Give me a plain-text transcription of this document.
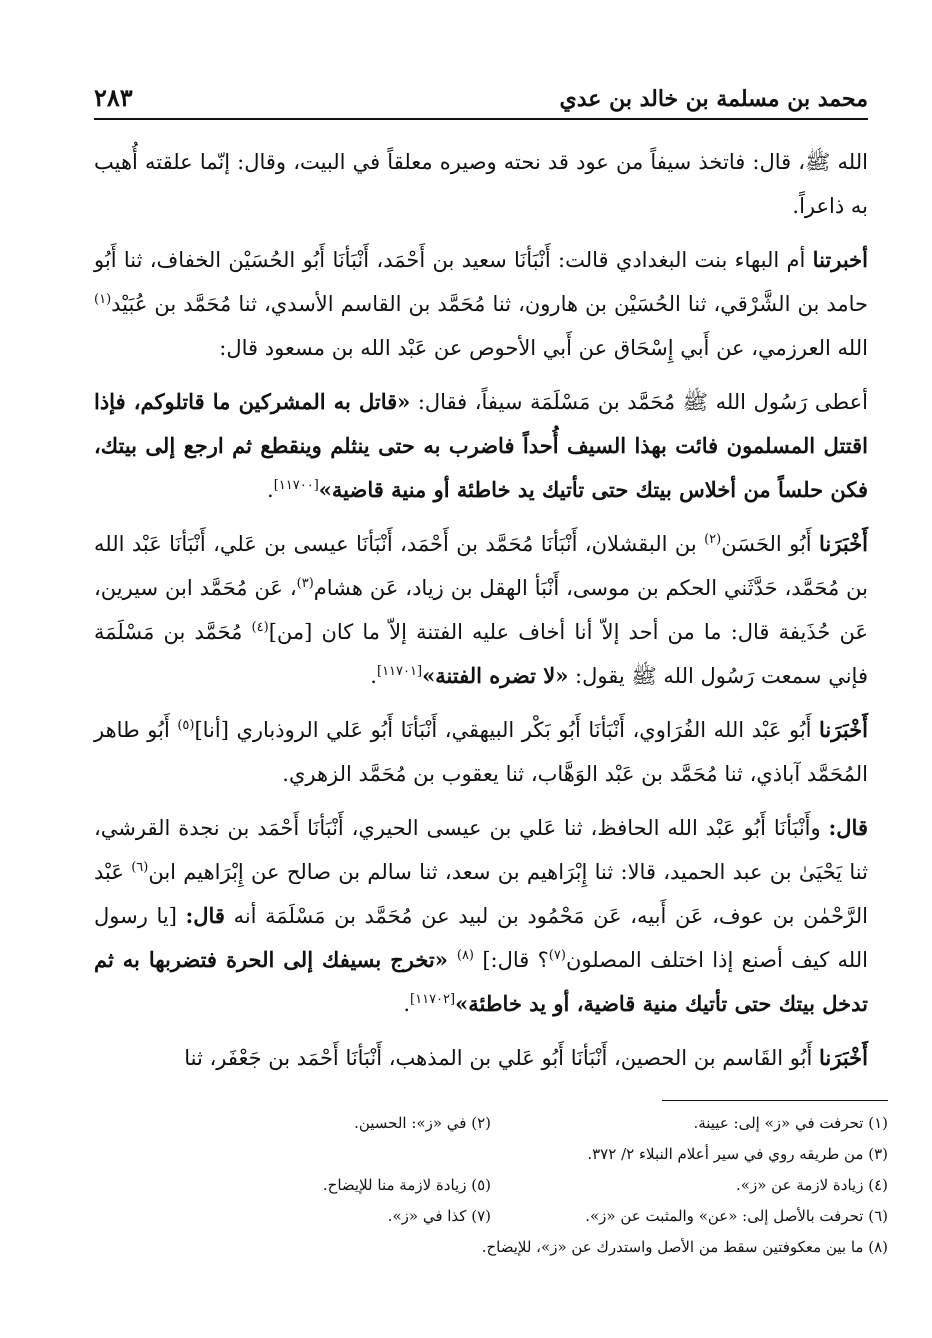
محمد بن مسلمة بن خالد بن عدي
٢٨٣

الله ﷺ، قال: فاتخذ سيفاً من عود قد نحته وصيره معلقاً في البيت، وقال: إنّما علقته أُهيب به ذاعراً.

أخبرتنا أم البهاء بنت البغدادي قالت: أَنْبَأنَا سعيد بن أَحْمَد، أَنْبَأنَا أَبُو الحُسَيْن الخفاف، ثنا أَبُو حامد بن الشَّرْقي، ثنا الحُسَيْن بن هارون، ثنا مُحَمَّد بن القاسم الأسدي، ثنا مُحَمَّد بن عُبَيْد$^{(١)}$ الله العرزمي، عن أَبي إِسْحَاق عن أَبي الأحوص عن عَبْد الله بن مسعود قال:

أعطى رَسُول الله ﷺ مُحَمَّد بن مَسْلَمَة سيفاً، فقال: «قاتل به المشركين ما قاتلوكم، فإذا اقتتل المسلمون فائت بهذا السيف أُحداً فاضرب به حتى ينثلم وينقطع ثم ارجع إلى بيتك، فكن حلساً من أخلاس بيتك حتى تأتيك يد خاطئة أو منية قاضية»[١١٧٠٠].

أَخْبَرَنا أَبُو الحَسَن$^{(٢)}$ بن البقشلان، أَنْبَأنَا مُحَمَّد بن أَحْمَد، أَنْبَأنَا عيسى بن عَلي، أَنْبَأنَا عَبْد الله بن مُحَمَّد، حَدَّثَني الحكم بن موسى، أَنْبَأ الهقل بن زياد، عَن هشام$^{(٣)}$، عَن مُحَمَّد ابن سيرين، عَن حُذَيفة قال: ما من أحد إلاّ أنا أخاف عليه الفتنة إلاّ ما كان [من]$^{(٤)}$ مُحَمَّد بن مَسْلَمَة فإني سمعت رَسُول الله ﷺ يقول: «لا تضره الفتنة»[١١٧٠١].

أَخْبَرَنا أَبُو عَبْد الله الفُرَاوي، أَنْبَأنَا أَبُو بَكْر البيهقي، أَنْبَأنَا أَبُو عَلي الروذباري [أنا]$^{(٥)}$ أَبُو طاهر المُحَمَّد آباذي، ثنا مُحَمَّد بن عَبْد الوَهَّاب، ثنا يعقوب بن مُحَمَّد الزهري.

قال: وأَنْبَأنَا أَبُو عَبْد الله الحافظ، ثنا عَلي بن عيسى الحيري، أَنْبَأنَا أَحْمَد بن نجدة القرشي، ثنا يَحْيَىٰ بن عبد الحميد، قالا: ثنا إِبْرَاهيم بن سعد، ثنا سالم بن صالح عن إِبْرَاهيم ابن$^{(٦)}$ عَبْد الرَّحْمٰن بن عوف، عَن أَبيه، عَن مَحْمُود بن لبيد عن مُحَمَّد بن مَسْلَمَة أنه قال: [يا رسول الله كيف أصنع إذا اختلف المصلون$^{(٧)}$؟ قال:] $^{(٨)}$ «تخرج بسيفك إلى الحرة فتضربها به ثم تدخل بيتك حتى تأتيك منية قاضية، أو يد خاطئة»[١١٧٠٢].

أَخْبَرَنا أَبُو القَاسم بن الحصين، أَنْبَأنَا أَبُو عَلي بن المذهب، أَنْبَأنَا أَحْمَد بن جَعْفَر، ثنا

(١) تحرفت في «ز» إلى: عيينة.
(٢) في «ز»: الحسين.
(٣) من طريقه روي في سير أعلام النبلاء ٢/ ٣٧٢.
(٤) زيادة لازمة عن «ز».
(٥) زيادة لازمة منا للإيضاح.
(٦) تحرفت بالأصل إلى: «عن» والمثبت عن «ز».
(٧) كذا في «ز».
(٨) ما بين معكوفتين سقط من الأصل واستدرك عن «ز»، للإيضاح.
